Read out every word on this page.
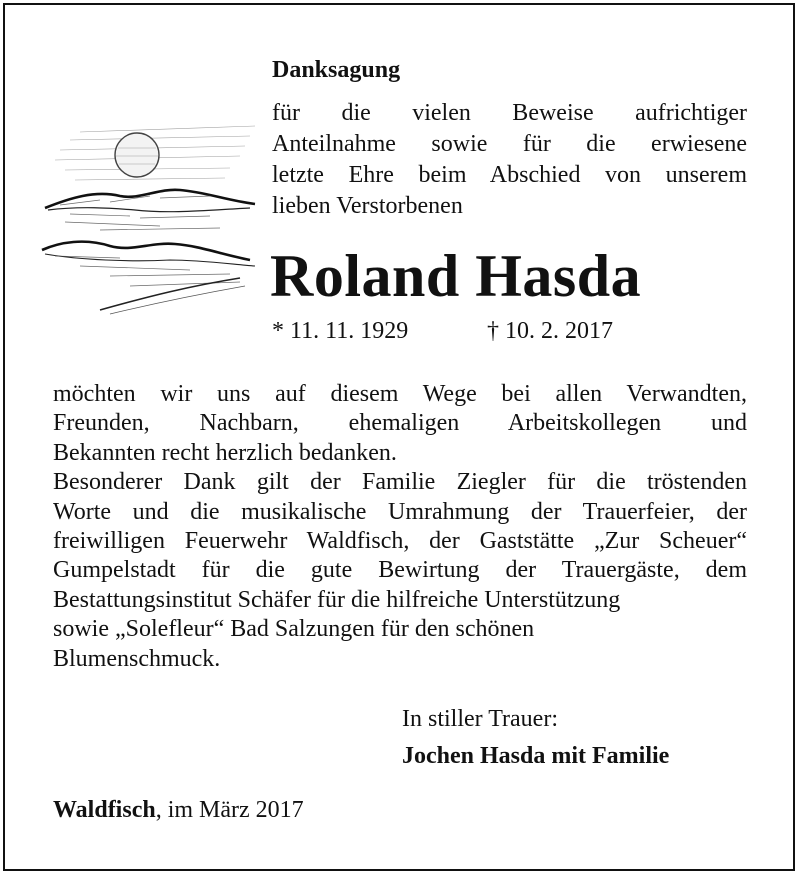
Danksagung
für die vielen Beweise aufrichtiger
Anteilnahme sowie für die erwiesene
letzte Ehre beim Abschied von unserem
lieben Verstorbenen
Roland Hasda
* 11. 11. 1929	† 10. 2. 2017
möchten wir uns auf diesem Wege bei allen Verwandten,
Freunden, Nachbarn, ehemaligen Arbeitskollegen und
Bekannten recht herzlich bedanken.
Besonderer Dank gilt der Familie Ziegler für die tröstenden
Worte und die musikalische Umrahmung der Trauerfeier, der
freiwilligen Feuerwehr Waldfisch, der Gaststätte „Zur Scheuer“
Gumpelstadt für die gute Bewirtung der Trauergäste, dem
Bestattungsinstitut Schäfer für die hilfreiche Unterstützung
sowie „Solefleur“ Bad Salzungen für den schönen
Blumenschmuck.
In stiller Trauer:
Jochen Hasda mit Familie
Waldfisch, im März 2017
